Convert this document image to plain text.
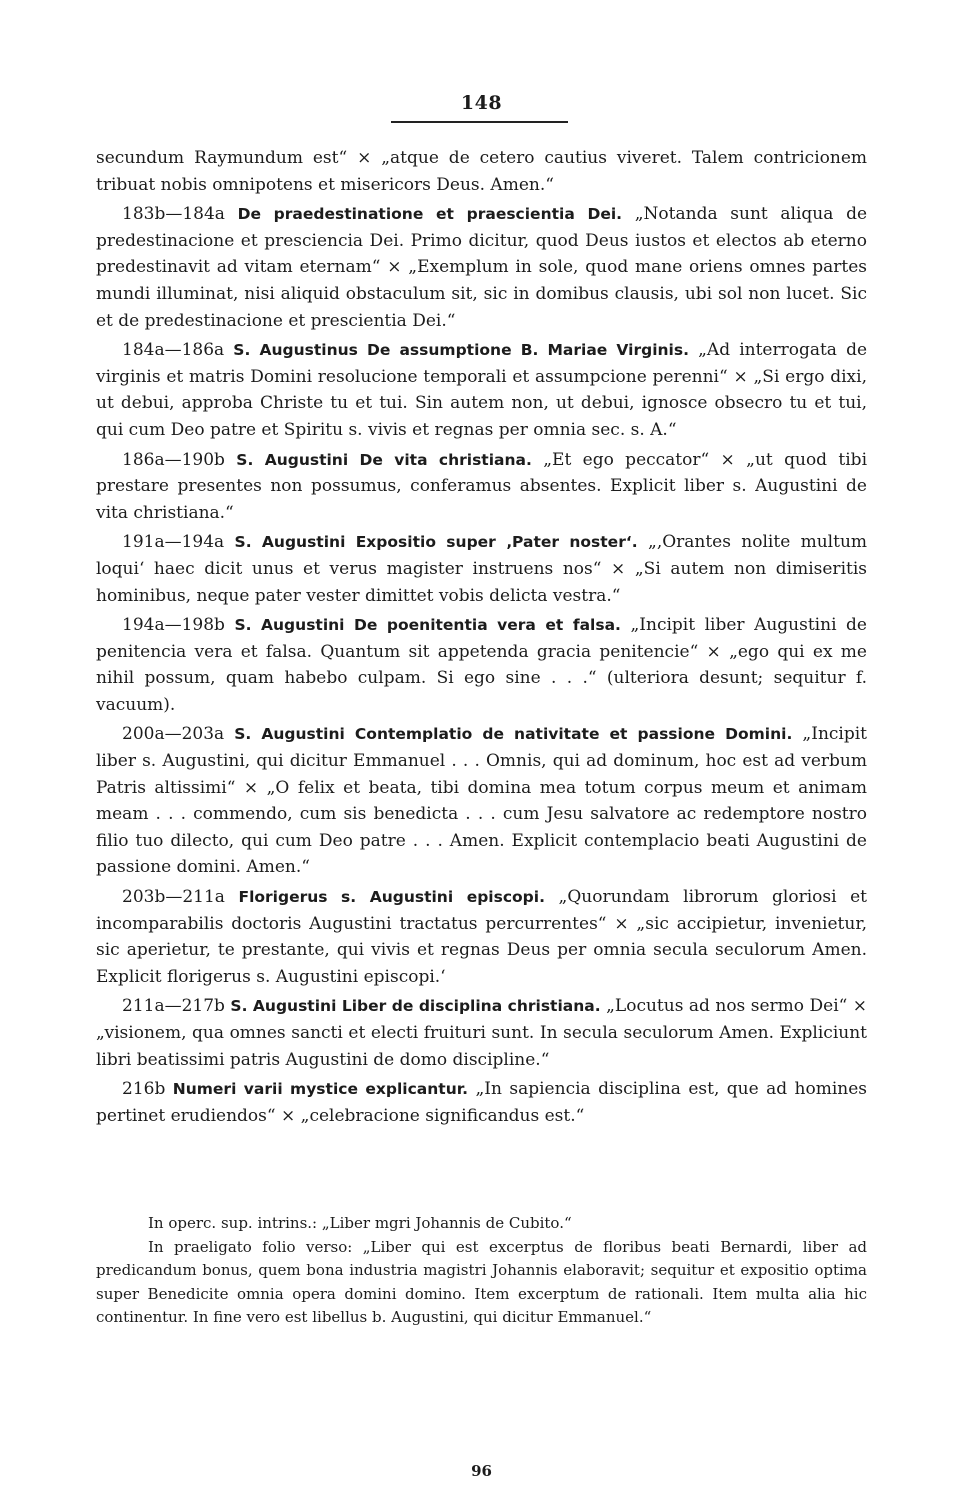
148

secundum Raymundum est“ × „atque de cetero cautius viveret. Talem contricionem tribuat nobis omnipotens et misericors Deus. Amen.“

183b—184a De praedestinatione et praescientia Dei. „Notanda sunt aliqua de predestinacione et presciencia Dei. Primo dicitur, quod Deus iustos et electos ab eterno predestinavit ad vitam eternam“ × „Exemplum in sole, quod mane oriens omnes partes mundi illuminat, nisi aliquid obstaculum sit, sic in domibus clausis, ubi sol non lucet. Sic et de predestinacione et prescientia Dei.“

184a—186a S. Augustinus De assumptione B. Mariae Virginis. „Ad interrogata de virginis et matris Domini resolucione temporali et assumpcione perenni“ × „Si ergo dixi, ut debui, approba Christe tu et tui. Sin autem non, ut debui, ignosce obsecro tu et tui, qui cum Deo patre et Spiritu s. vivis et regnas per omnia sec. s. A.“

186a—190b S. Augustini De vita christiana. „Et ego peccator“ × „ut quod tibi prestare presentes non possumus, conferamus absentes. Explicit liber s. Augustini de vita christiana.“

191a—194a S. Augustini Expositio super ‚Pater noster‘. „‚Orantes nolite multum loqui‘ haec dicit unus et verus magister instruens nos“ × „Si autem non dimiseritis hominibus, neque pater vester dimittet vobis delicta vestra.“

194a—198b S. Augustini De poenitentia vera et falsa. „Incipit liber Augustini de penitencia vera et falsa. Quantum sit appetenda gracia penitencie“ × „ego qui ex me nihil possum, quam habebo culpam. Si ego sine . . .“ (ulteriora desunt; sequitur f. vacuum).

200a—203a S. Augustini Contemplatio de nativitate et passione Domini. „Incipit liber s. Augustini, qui dicitur Emmanuel . . . Omnis, qui ad dominum, hoc est ad verbum Patris altissimi“ × „O felix et beata, tibi domina mea totum corpus meum et animam meam . . . commendo, cum sis benedicta . . . cum Jesu salvatore ac redemptore nostro filio tuo dilecto, qui cum Deo patre . . . Amen. Explicit contemplacio beati Augustini de passione domini. Amen.“

203b—211a Florigerus s. Augustini episcopi. „Quorundam librorum gloriosi et incomparabilis doctoris Augustini tractatus percurrentes“ × „sic accipietur, invenietur, sic aperietur, te prestante, qui vivis et regnas Deus per omnia secula seculorum Amen. Explicit florigerus s. Augustini episcopi.‘

211a—217b S. Augustini Liber de disciplina christiana. „Locutus ad nos sermo Dei“ × „visionem, qua omnes sancti et electi fruituri sunt. In secula seculorum Amen. Expliciunt libri beatissimi patris Augustini de domo discipline.“

216b Numeri varii mystice explicantur. „In sapiencia disciplina est, que ad homines pertinet erudiendos“ × „celebracione significandus est.“

In operc. sup. intrins.: „Liber mgri Johannis de Cubito.“

In praeligato folio verso: „Liber qui est excerptus de floribus beati Bernardi, liber ad predicandum bonus, quem bona industria magistri Johannis elaboravit; sequitur et expositio optima super Benedicite omnia opera domini domino. Item excerptum de rationali. Item multa alia hic continentur. In fine vero est libellus b. Augustini, qui dicitur Emmanuel.“

96
